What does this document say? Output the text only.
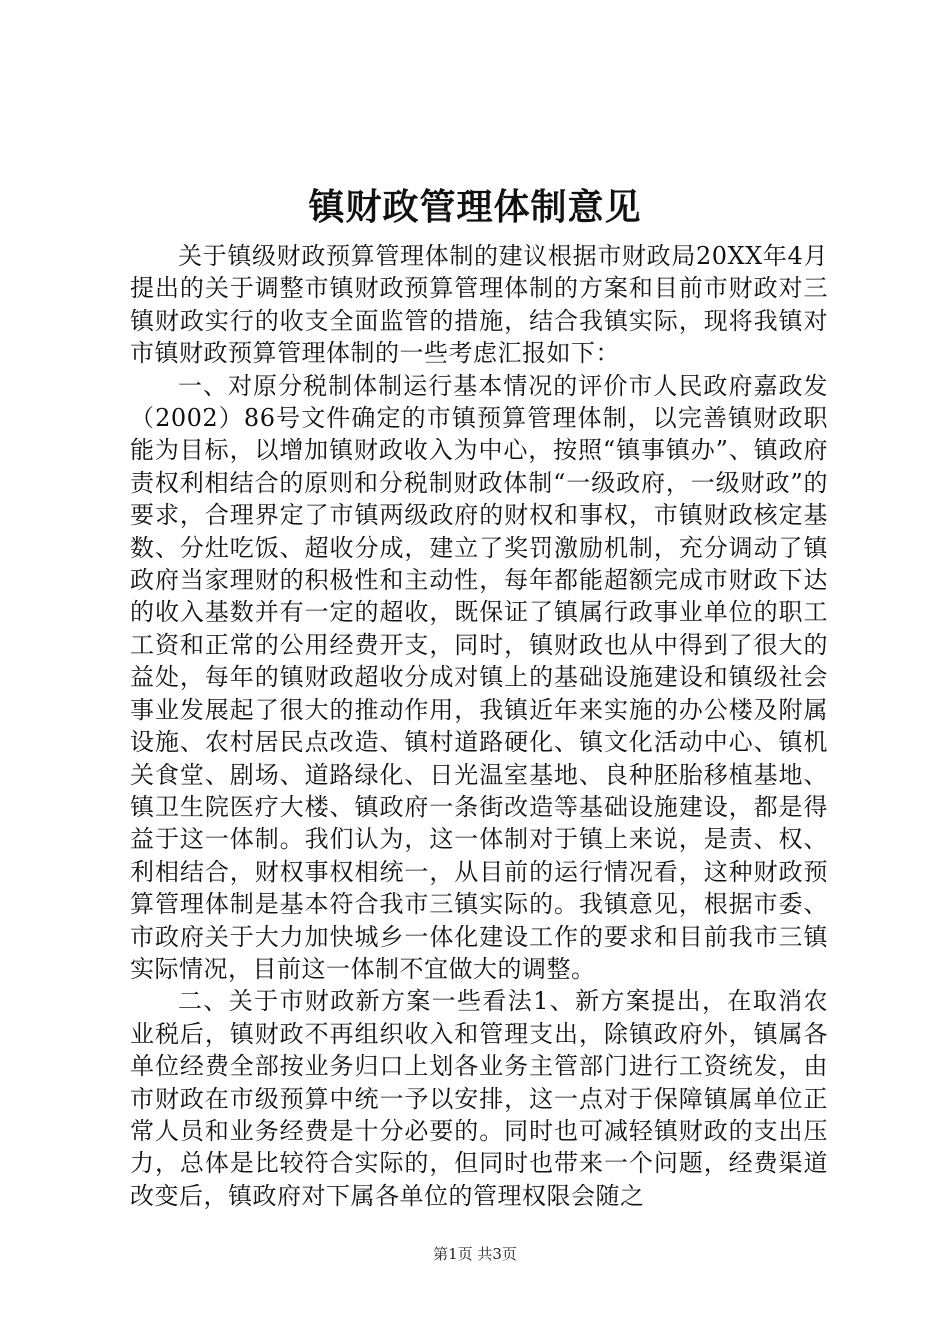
镇财政管理体制意见

关于镇级财政预算管理体制的建议根据市财政局20XX年4月提出的关于调整市镇财政预算管理体制的方案和目前市财政对三镇财政实行的收支全面监管的措施，结合我镇实际，现将我镇对市镇财政预算管理体制的一些考虑汇报如下：

一、对原分税制体制运行基本情况的评价市人民政府嘉政发（2002）86号文件确定的市镇预算管理体制，以完善镇财政职能为目标，以增加镇财政收入为中心，按照“镇事镇办”、镇政府责权利相结合的原则和分税制财政体制“一级政府，一级财政”的要求，合理界定了市镇两级政府的财权和事权，市镇财政核定基数、分灶吃饭、超收分成，建立了奖罚激励机制，充分调动了镇政府当家理财的积极性和主动性，每年都能超额完成市财政下达的收入基数并有一定的超收，既保证了镇属行政事业单位的职工工资和正常的公用经费开支，同时，镇财政也从中得到了很大的益处，每年的镇财政超收分成对镇上的基础设施建设和镇级社会事业发展起了很大的推动作用，我镇近年来实施的办公楼及附属设施、农村居民点改造、镇村道路硬化、镇文化活动中心、镇机关食堂、剧场、道路绿化、日光温室基地、良种胚胎移植基地、镇卫生院医疗大楼、镇政府一条街改造等基础设施建设，都是得益于这一体制。我们认为，这一体制对于镇上来说，是责、权、利相结合，财权事权相统一，从目前的运行情况看，这种财政预算管理体制是基本符合我市三镇实际的。我镇意见，根据市委、市政府关于大力加快城乡一体化建设工作的要求和目前我市三镇实际情况，目前这一体制不宜做大的调整。

二、关于市财政新方案一些看法1、新方案提出，在取消农业税后，镇财政不再组织收入和管理支出，除镇政府外，镇属各单位经费全部按业务归口上划各业务主管部门进行工资统发，由市财政在市级预算中统一予以安排，这一点对于保障镇属单位正常人员和业务经费是十分必要的。同时也可减轻镇财政的支出压力，总体是比较符合实际的，但同时也带来一个问题，经费渠道改变后，镇政府对下属各单位的管理权限会随之

第1页 共3页
